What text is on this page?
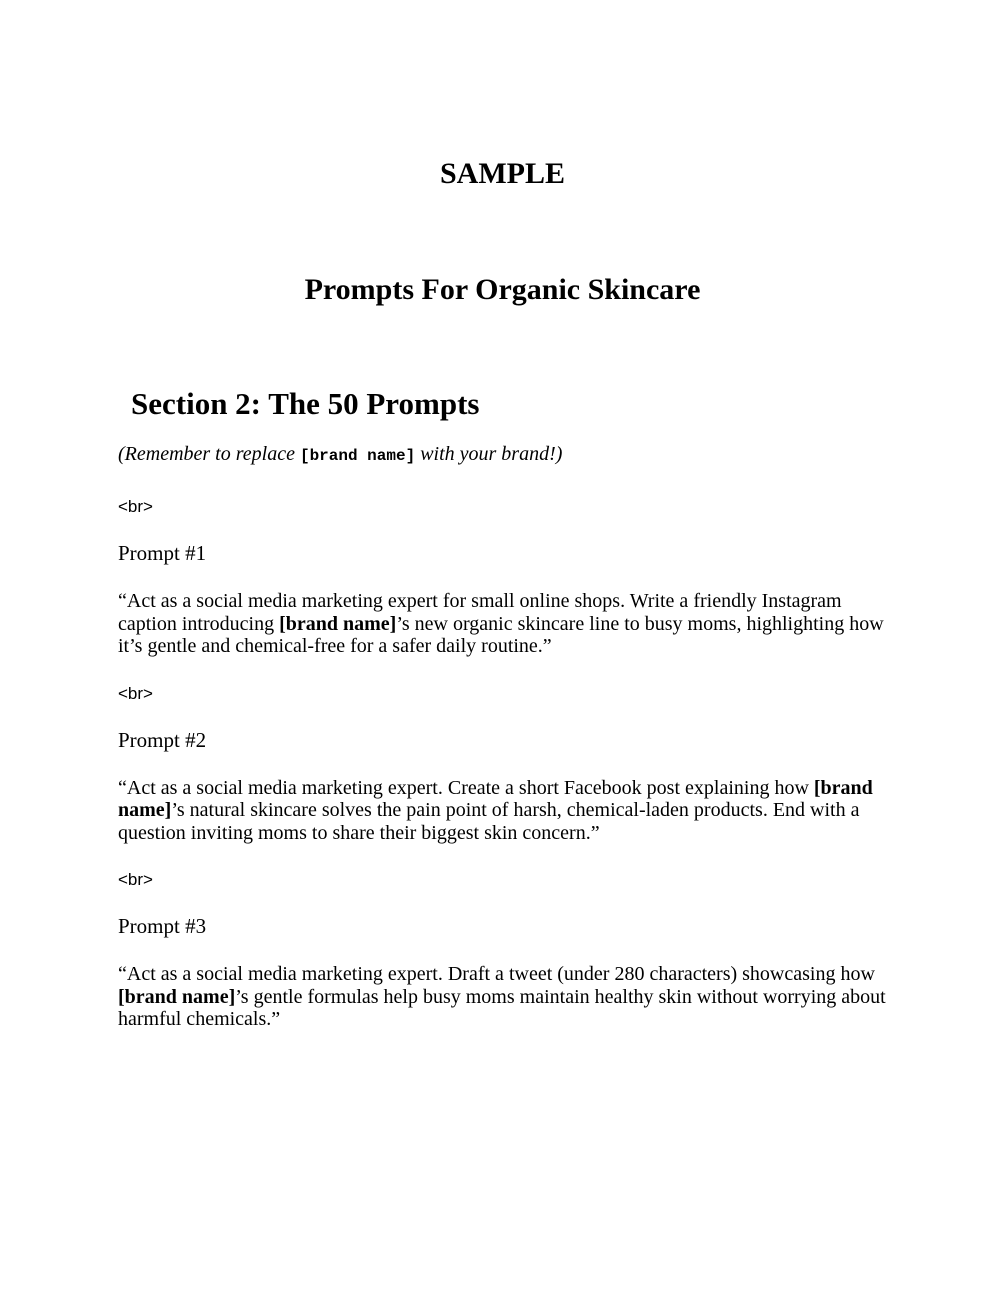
SAMPLE
Prompts For Organic Skincare
Section 2: The 50 Prompts

(Remember to replace [brand name] with your brand!)

<br>

Prompt #1

“Act as a social media marketing expert for small online shops. Write a friendly Instagram caption introducing [brand name]’s new organic skincare line to busy moms, highlighting how it’s gentle and chemical-free for a safer daily routine.”

<br>

Prompt #2

“Act as a social media marketing expert. Create a short Facebook post explaining how [brand name]’s natural skincare solves the pain point of harsh, chemical-laden products. End with a question inviting moms to share their biggest skin concern.”

<br>

Prompt #3

“Act as a social media marketing expert. Draft a tweet (under 280 characters) showcasing how [brand name]’s gentle formulas help busy moms maintain healthy skin without worrying about harmful chemicals.”
